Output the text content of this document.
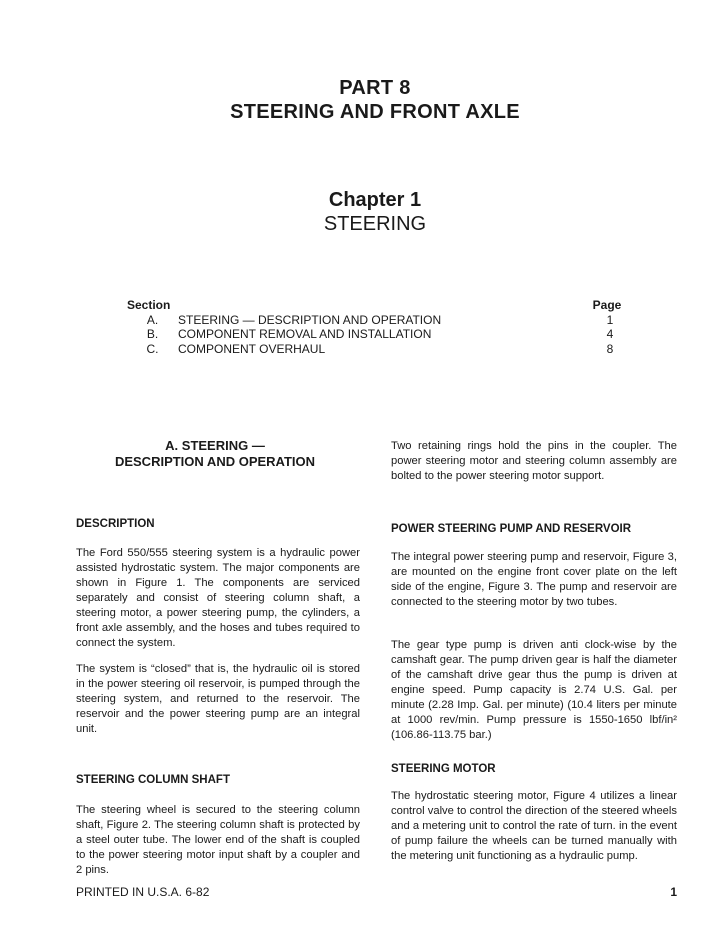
PART 8
STEERING AND FRONT AXLE
Chapter 1
STEERING
Section	Page
A.	STEERING — DESCRIPTION AND OPERATION	1
B.	COMPONENT REMOVAL AND INSTALLATION	4
C.	COMPONENT OVERHAUL	8
A. STEERING —
DESCRIPTION AND OPERATION
DESCRIPTION
The Ford 550/555 steering system is a hydraulic power assisted hydrostatic system. The major components are shown in Figure 1. The components are serviced separately and consist of steering column shaft, a steering motor, a power steering pump, the cylinders, a front axle assembly, and the hoses and tubes required to connect the system.
The system is “closed” that is, the hydraulic oil is stored in the power steering oil reservoir, is pumped through the steering system, and returned to the reservoir. The reservoir and the power steering pump are an integral unit.
STEERING COLUMN SHAFT
The steering wheel is secured to the steering column shaft, Figure 2. The steering column shaft is protected by a steel outer tube. The lower end of the shaft is coupled to the power steering motor input shaft by a coupler and 2 pins.
Two retaining rings hold the pins in the coupler. The power steering motor and steering column assembly are bolted to the power steering motor support.
POWER STEERING PUMP AND RESERVOIR
The integral power steering pump and reservoir, Figure 3, are mounted on the engine front cover plate on the left side of the engine, Figure 3. The pump and reservoir are connected to the steering motor by two tubes.
The gear type pump is driven anti clock-wise by the camshaft gear. The pump driven gear is half the diameter of the camshaft drive gear thus the pump is driven at engine speed. Pump capacity is 2.74 U.S. Gal. per minute (2.28 Imp. Gal. per minute) (10.4 liters per minute at 1000 rev/min. Pump pressure is 1550-1650 lbf/in² (106.86-113.75 bar.)
STEERING MOTOR
The hydrostatic steering motor, Figure 4 utilizes a linear control valve to control the direction of the steered wheels and a metering unit to control the rate of turn. in the event of pump failure the wheels can be turned manually with the metering unit functioning as a hydraulic pump.
PRINTED IN U.S.A. 6-82	1
